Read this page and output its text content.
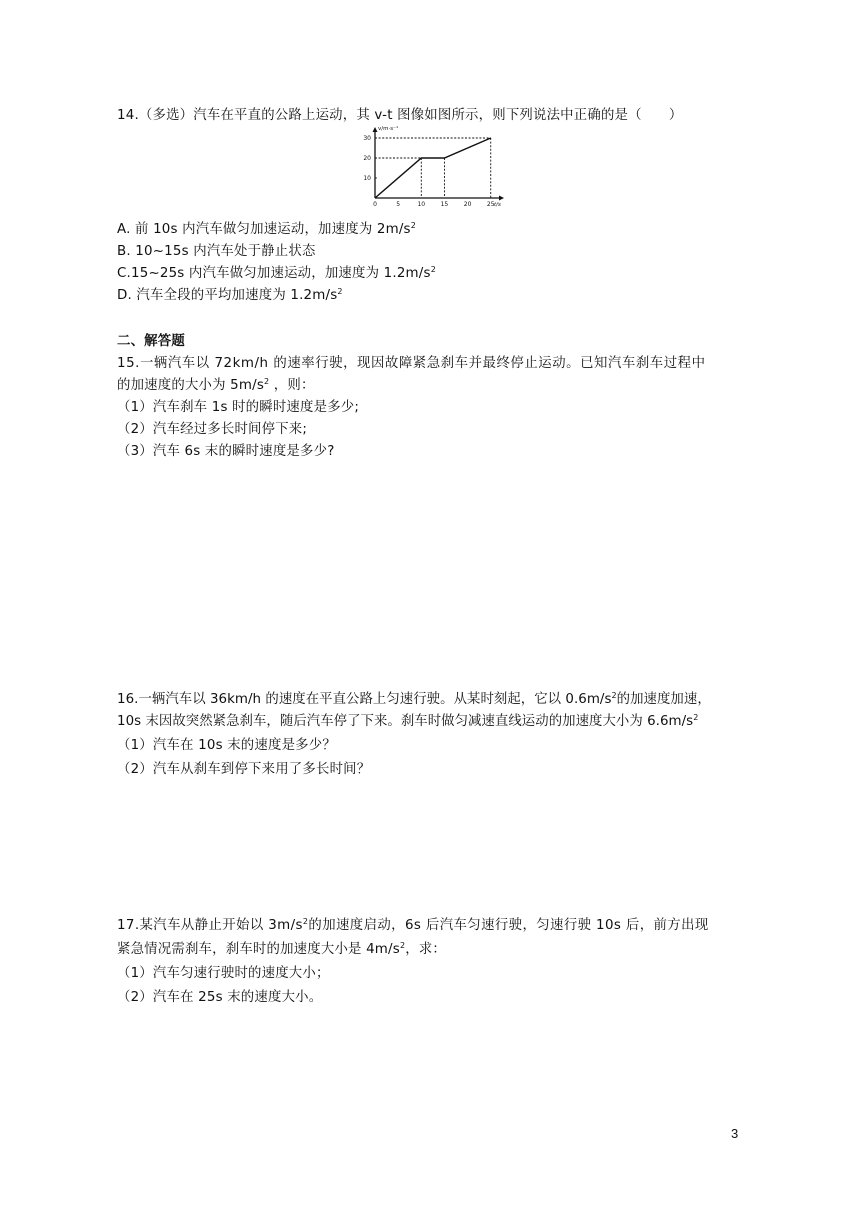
14.（多选）汽车在平直的公路上运动，其 v-t 图像如图所示，则下列说法中正确的是（　　）
v/m·s⁻¹
t/s
0	5	10	15	20	25
10
20
30
A. 前 10s 内汽车做匀加速运动，加速度为 $2m/s^2$
B. 10~15s 内汽车处于静止状态
C.15~25s 内汽车做匀加速运动，加速度为 $1.2m/s^2$
D. 汽车全段的平均加速度为 $1.2m/s^2$
二、解答题
15.一辆汽车以 72km/h 的速率行驶，现因故障紧急刹车并最终停止运动。已知汽车刹车过程中
的加速度的大小为 $5m/s^2$ ，则：
（1）汽车刹车 1s 时的瞬时速度是多少;
（2）汽车经过多长时间停下来;
（3）汽车 6s 末的瞬时速度是多少?
16.一辆汽车以 36km/h 的速度在平直公路上匀速行驶。从某时刻起，它以 $0.6m/s^2$的加速度加速，
10s 末因故突然紧急刹车，随后汽车停了下来。刹车时做匀减速直线运动的加速度大小为 $6.6m/s^2$
（1）汽车在 10s 末的速度是多少？
（2）汽车从刹车到停下来用了多长时间？
17.某汽车从静止开始以 $3m/s^2$的加速度启动，6s 后汽车匀速行驶，匀速行驶 10s 后，前方出现
紧急情况需刹车，刹车时的加速度大小是 $4m/s^2$，求：
（1）汽车匀速行驶时的速度大小；
（2）汽车在 25s 末的速度大小。
3
